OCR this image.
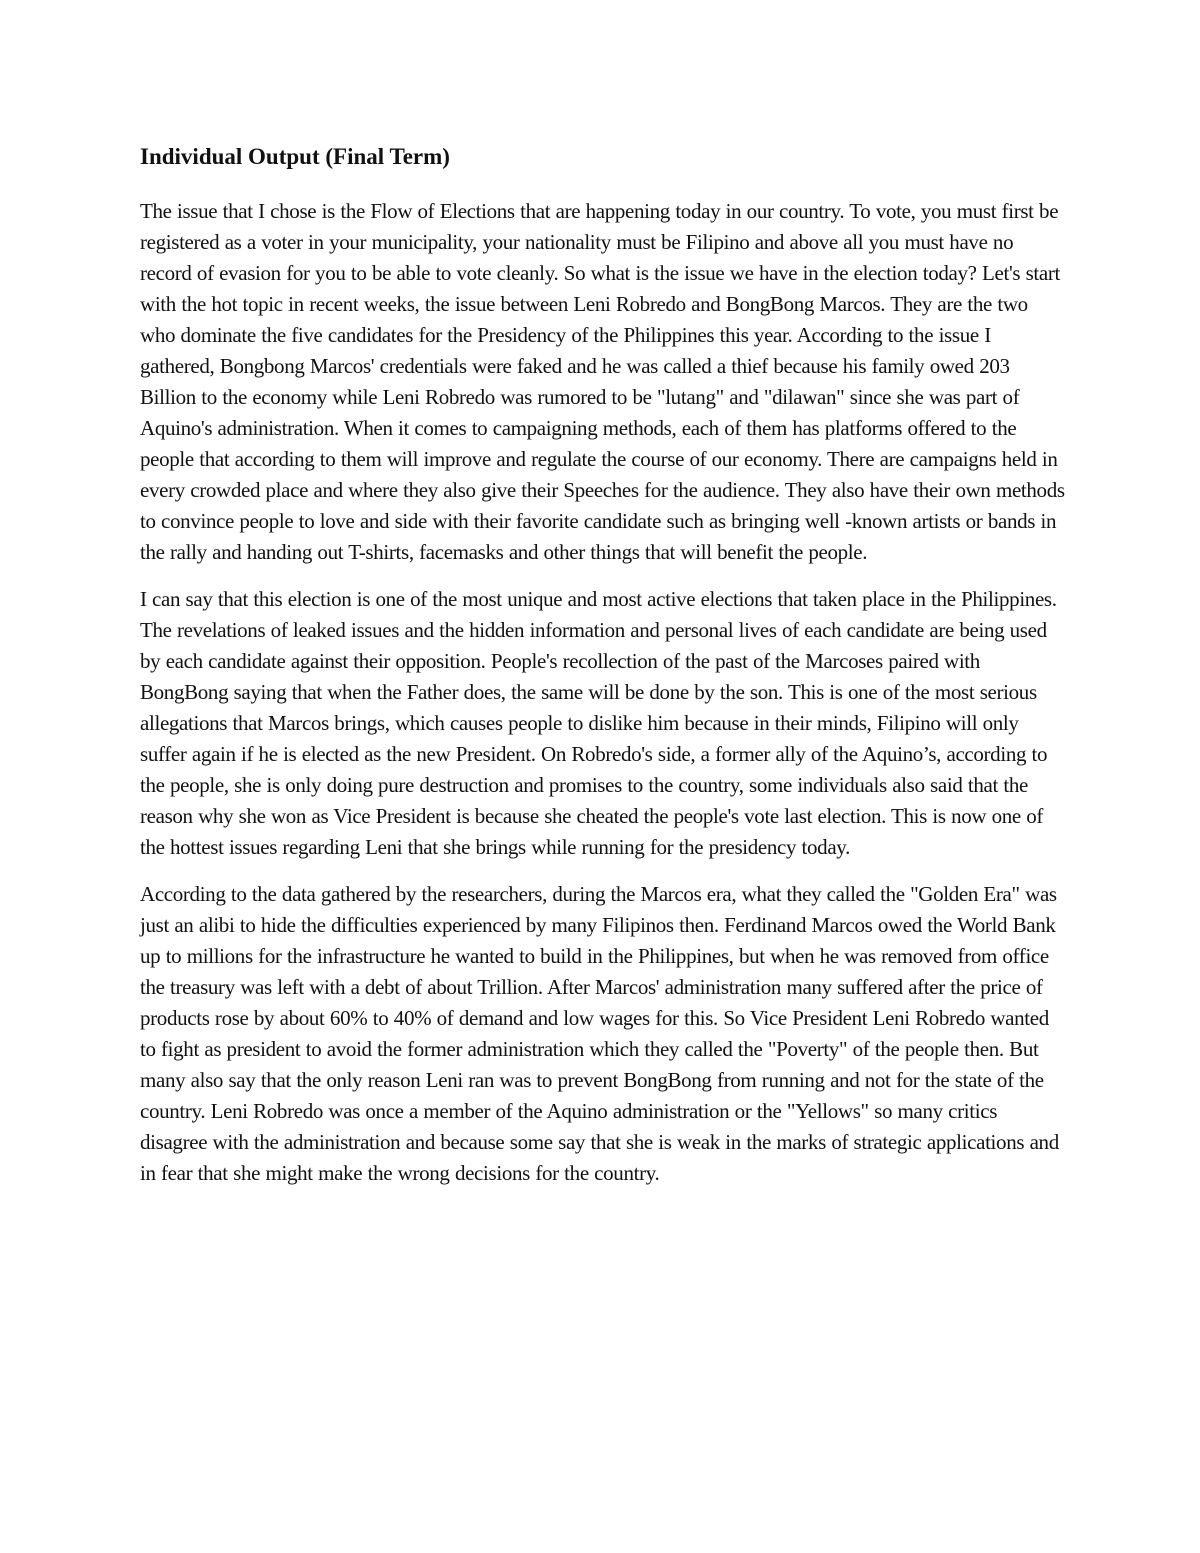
Individual Output (Final Term)

The issue that I chose is the Flow of Elections that are happening today in our country. To vote, you must first be registered as a voter in your municipality, your nationality must be Filipino and above all you must have no record of evasion for you to be able to vote cleanly. So what is the issue we have in the election today? Let's start with the hot topic in recent weeks, the issue between Leni Robredo and BongBong Marcos. They are the two who dominate the five candidates for the Presidency of the Philippines this year. According to the issue I gathered, Bongbong Marcos' credentials were faked and he was called a thief because his family owed 203 Billion to the economy while Leni Robredo was rumored to be "lutang" and "dilawan" since she was part of Aquino's administration. When it comes to campaigning methods, each of them has platforms offered to the people that according to them will improve and regulate the course of our economy. There are campaigns held in every crowded place and where they also give their Speeches for the audience. They also have their own methods to convince people to love and side with their favorite candidate such as bringing well -known artists or bands in the rally and handing out T-shirts, facemasks and other things that will benefit the people.

I can say that this election is one of the most unique and most active elections that taken place in the Philippines. The revelations of leaked issues and the hidden information and personal lives of each candidate are being used by each candidate against their opposition. People's recollection of the past of the Marcoses paired with BongBong saying that when the Father does, the same will be done by the son. This is one of the most serious allegations that Marcos brings, which causes people to dislike him because in their minds, Filipino will only suffer again if he is elected as the new President. On Robredo's side, a former ally of the Aquino’s, according to the people, she is only doing pure destruction and promises to the country, some individuals also said that the reason why she won as Vice President is because she cheated the people's vote last election. This is now one of the hottest issues regarding Leni that she brings while running for the presidency today.

According to the data gathered by the researchers, during the Marcos era, what they called the "Golden Era" was just an alibi to hide the difficulties experienced by many Filipinos then. Ferdinand Marcos owed the World Bank up to millions for the infrastructure he wanted to build in the Philippines, but when he was removed from office the treasury was left with a debt of about Trillion. After Marcos' administration many suffered after the price of products rose by about 60% to 40% of demand and low wages for this. So Vice President Leni Robredo wanted to fight as president to avoid the former administration which they called the "Poverty" of the people then. But many also say that the only reason Leni ran was to prevent BongBong from running and not for the state of the country. Leni Robredo was once a member of the Aquino administration or the "Yellows" so many critics disagree with the administration and because some say that she is weak in the marks of strategic applications and in fear that she might make the wrong decisions for the country.
